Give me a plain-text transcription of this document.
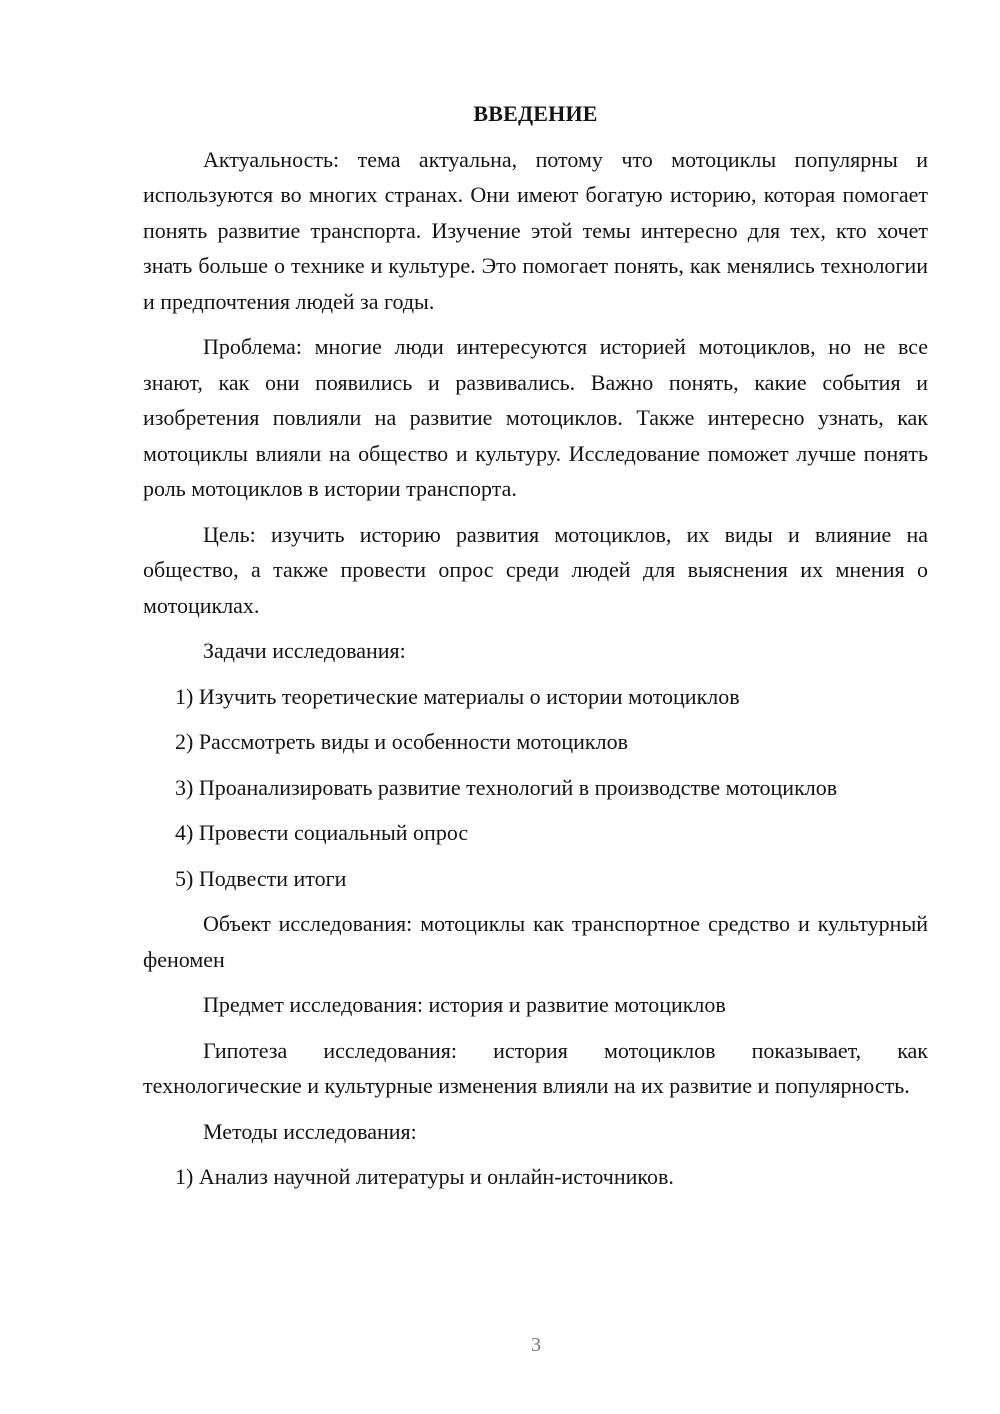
ВВЕДЕНИЕ

Актуальность: тема актуальна, потому что мотоциклы популярны и используются во многих странах. Они имеют богатую историю, которая помогает понять развитие транспорта. Изучение этой темы интересно для тех, кто хочет знать больше о технике и культуре. Это помогает понять, как менялись технологии и предпочтения людей за годы.

Проблема: многие люди интересуются историей мотоциклов, но не все знают, как они появились и развивались. Важно понять, какие события и изобретения повлияли на развитие мотоциклов. Также интересно узнать, как мотоциклы влияли на общество и культуру. Исследование поможет лучше понять роль мотоциклов в истории транспорта.

Цель: изучить историю развития мотоциклов, их виды и влияние на общество, а также провести опрос среди людей для выяснения их мнения о мотоциклах.

Задачи исследования:

1) Изучить теоретические материалы о истории мотоциклов

2) Рассмотреть виды и особенности мотоциклов

3) Проанализировать развитие технологий в производстве мотоциклов

4) Провести социальный опрос

5) Подвести итоги

Объект исследования: мотоциклы как транспортное средство и культурный феномен

Предмет исследования: история и развитие мотоциклов

Гипотеза исследования: история мотоциклов показывает, как технологические и культурные изменения влияли на их развитие и популярность.

Методы исследования:

1) Анализ научной литературы и онлайн-источников.

3
